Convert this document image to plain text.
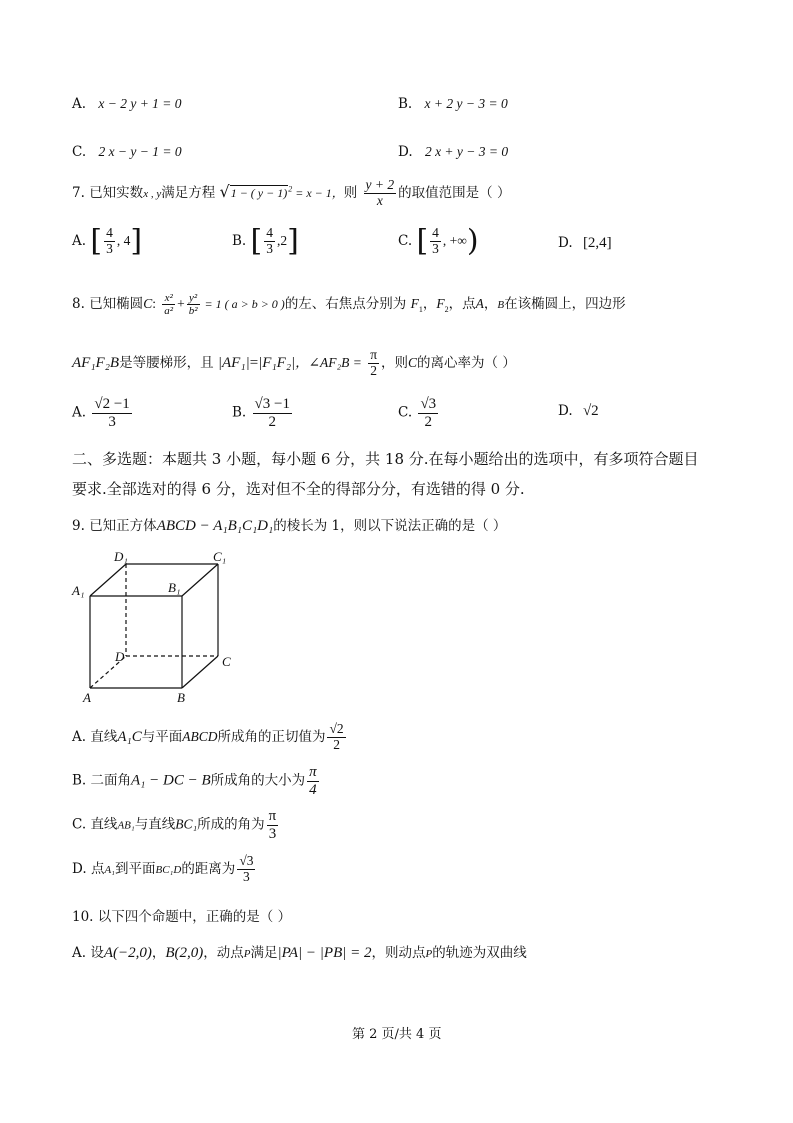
A. x − 2 y + 1 = 0	B. x + 2 y − 3 = 0
C. 2 x − y − 1 = 0	D. 2 x + y − 3 = 0
7. 已知实数x , y满足方程 √1 − ( y − 1)$^2$ = x − 1，则 $\frac{y + 2}{x}$ 的取值范围是（ ）
A. [ $\frac{4}{3}$ , 4]	B. [ $\frac{4}{3} ,2$]	C. [ $\frac{4}{3}$ , +∞)	D. [2,4]
8. 已知椭圆C: $\frac{\text{x²}}{\text{a²}} + \frac{\text{y²}}{\text{b²}} = 1$ ( a > b > 0 )的左、右焦点分别为 $F_1$，$F_2$，点A，B在该椭圆上，四边形
AF₁F₂B是等腰梯形，且 |AF₁|=|F₁F₂|，∠AF₂B = $\frac{\pi}{2}$ ，则C的离心率为（ ）
A. $\frac{√2 -1}{3}$	B. $\frac{√3 -1}{2}$	C. $\frac{√3}{2}$	D. √2
二、多选题：本题共 3 小题，每小题 6 分，共 18 分.在每小题给出的选项中，有多项符合题目
要求.全部选对的得 6 分，选对但不全的得部分分，有选错的得 0 分.
9. 已知正方体ABCD − A₁B₁C₁D₁的棱长为 1，则以下说法正确的是（ ）
D₁	C₁
A₁	B₁
D	C
A	B
A. 直线A₁C与平面ABCD所成角的正切值为 $\frac{√2}{2}$
B. 二面角A₁ − DC − B所成角的大小为 $\frac{\pi}{4}$
C. 直线AB₁与直线BC₁所成的角为 $\frac{\pi}{3}$
D. 点A₁到平面BC₁D的距离为 $\frac{√3}{3}$
10. 以下四个命题中，正确的是（ ）
A. 设A(−2,0)，B(2,0)，动点P满足|PA| − |PB| = 2，则动点P的轨迹为双曲线
第 2 页/共 4 页
